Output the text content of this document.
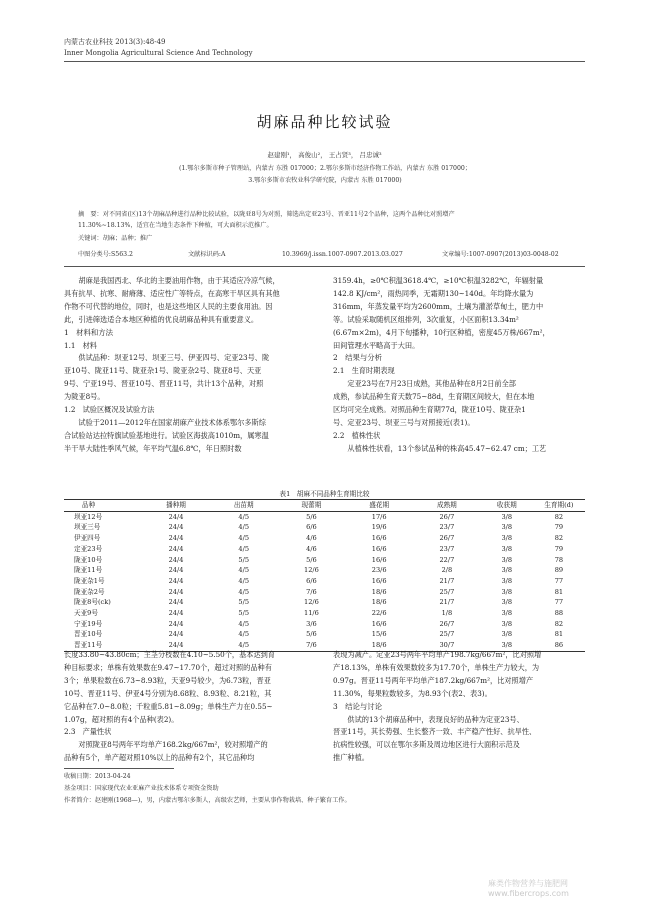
内蒙古农业科技 2013(3):48-49
Inner Mongolia Agricultural Science And Technology
胡麻品种比较试验
赵建刚¹， 高俊山²， 王占贤³， 吕忠诚³
(1.鄂尔多斯市种子管理站，内蒙古 东胜 017000；2.鄂尔多斯市经济作物工作站，内蒙古 东胜 017000；
3.鄂尔多斯市农牧业科学研究院，内蒙古 东胜 017000)
摘　要：对不同省(区)13个胡麻品种进行品种比较试验，以陇亚8号为对照，筛选出定亚23号、晋亚11号2个品种，这两个品种比对照增产
11.30%~18.13%，适宜在当地生态条件下种植，可大面积示范推广。
关键词：胡麻；品种；推广
中图分类号:S563.2	文献标识码:A	10.3969/j.issn.1007-0907.2013.03.027	文章编号:1007-0907(2013)03-0048-02
　　胡麻是我国西北、华北的主要油用作物，由于其适应冷凉气候，
具有抗旱、抗寒、耐瘠薄、适应性广等特点，在高寒干旱区具有其他
作物不可代替的地位，同时，也是这些地区人民的主要食用油。因
此，引进筛选适合本地区种植的优良胡麻品种具有重要意义。
1　材料和方法
1.1　材料
　　供试品种：坝亚12号、坝亚三号、伊亚四号、定亚23号、陇
亚10号、陇亚11号、陇亚杂1号、陇亚杂2号、陇亚8号、天亚
9号、宁亚19号、晋亚10号、晋亚11号，共计13个品种，对照
为陇亚8号。
1.2　试验区概况及试验方法
　　试验于2011—2012年在国家胡麻产业技术体系鄂尔多斯综
合试验站达拉特旗试验基地进行。试验区海拔高1010m，属寒温
半干旱大陆性季风气候，年平均气温6.8℃，年日照时数
3159.4h，≥0℃积温3618.4℃，≥10℃积温3282℃，年辐射量
142.8 KJ/cm²，雨热同季，无霜期130~140d。年均降水量为
316mm，年蒸发量平均为2600mm，土壤为灌淤草甸土，肥力中
等。试验采取随机区组排列，3次重复，小区面积13.34m²
(6.67m×2m)，4月下旬播种，10行区种植，密度45万株/667m²，
田间管理水平略高于大田。
2　结果与分析
2.1　生育时期表现
　　定亚23号在7月23日成熟，其他品种在8月2日前全部
成熟，参试品种生育天数75~88d，生育期区间较大，但在本地
区均可完全成熟。对照品种生育期77d，陇亚10号、陇亚杂1
号、定亚23号、坝亚三号与对照接近(表1)。
2.2　植株性状
　　从植株性状看，13个参试品种的株高45.47~62.47 cm；工艺
表1　胡麻不同品种生育期比较
品种	播种期	出苗期	现蕾期	盛花期	成熟期	收获期	生育期(d)
坝亚12号	24/4	4/5	5/6	17/6	26/7	3/8	82
坝亚三号	24/4	4/5	6/6	19/6	23/7	3/8	79
伊亚四号	24/4	4/5	4/6	16/6	26/7	3/8	82
定亚23号	24/4	4/5	4/6	16/6	23/7	3/8	79
陇亚10号	24/4	5/5	5/6	16/6	22/7	3/8	78
陇亚11号	24/4	4/5	12/6	23/6	2/8	3/8	89
陇亚杂1号	24/4	4/5	6/6	16/6	21/7	3/8	77
陇亚杂2号	24/4	4/5	7/6	18/6	25/7	3/8	81
陇亚8号(ck)	24/4	5/5	12/6	18/6	21/7	3/8	77
天亚9号	24/4	5/5	11/6	22/6	1/8	3/8	88
宁亚19号	24/4	4/5	3/6	16/6	26/7	3/8	82
晋亚10号	24/4	4/5	5/6	15/6	25/7	3/8	81
晋亚11号	24/4	4/5	7/6	18/6	30/7	3/8	86
长度33.80~43.80cm；主茎分枝数在4.10~5.50个，基本达到育
种目标要求；单株有效果数在9.47~17.70个，超过对照的品种有
3个；单果粒数在6.73~8.93粒，天亚9号较少，为6.73粒，晋亚
10号、晋亚11号、伊亚4号分别为8.68粒、8.93粒、8.21粒，其
它品种在7.0~8.0粒；千粒重5.81~8.09g；单株生产力在0.55~
1.07g，超对照的有4个品种(表2)。
2.3　产量性状
　　对照陇亚8号两年平均单产168.2kg/667m²，较对照增产的
品种有5个，单产超对照10%以上的品种有2个，其它品种均
表现为减产。定亚23号两年平均单产198.7kg/667m²，比对照增
产18.13%，单株有效果数较多为17.70个，单株生产力较大，为
0.97g。晋亚11号两年平均单产187.2kg/667m²，比对照增产
11.30%，每果粒数较多，为8.93个(表2、表3)。
3　结论与讨论
　　供试的13个胡麻品种中，表现良好的品种为定亚23号、
晋亚11号，其长势强、生长整齐一致、丰产稳产性好、抗旱性、
抗病性较强，可以在鄂尔多斯及周边地区进行大面积示范及
推广种植。
收稿日期：2013-04-24
基金项目：国家现代农业亚麻产业技术体系专项资金资助
作者简介：赵建刚(1968—)，男，内蒙古鄂尔多斯人，高级农艺师，主要从事作物栽培、种子繁育工作。
麻类作物营养与施肥网 www.fibercrops.com
